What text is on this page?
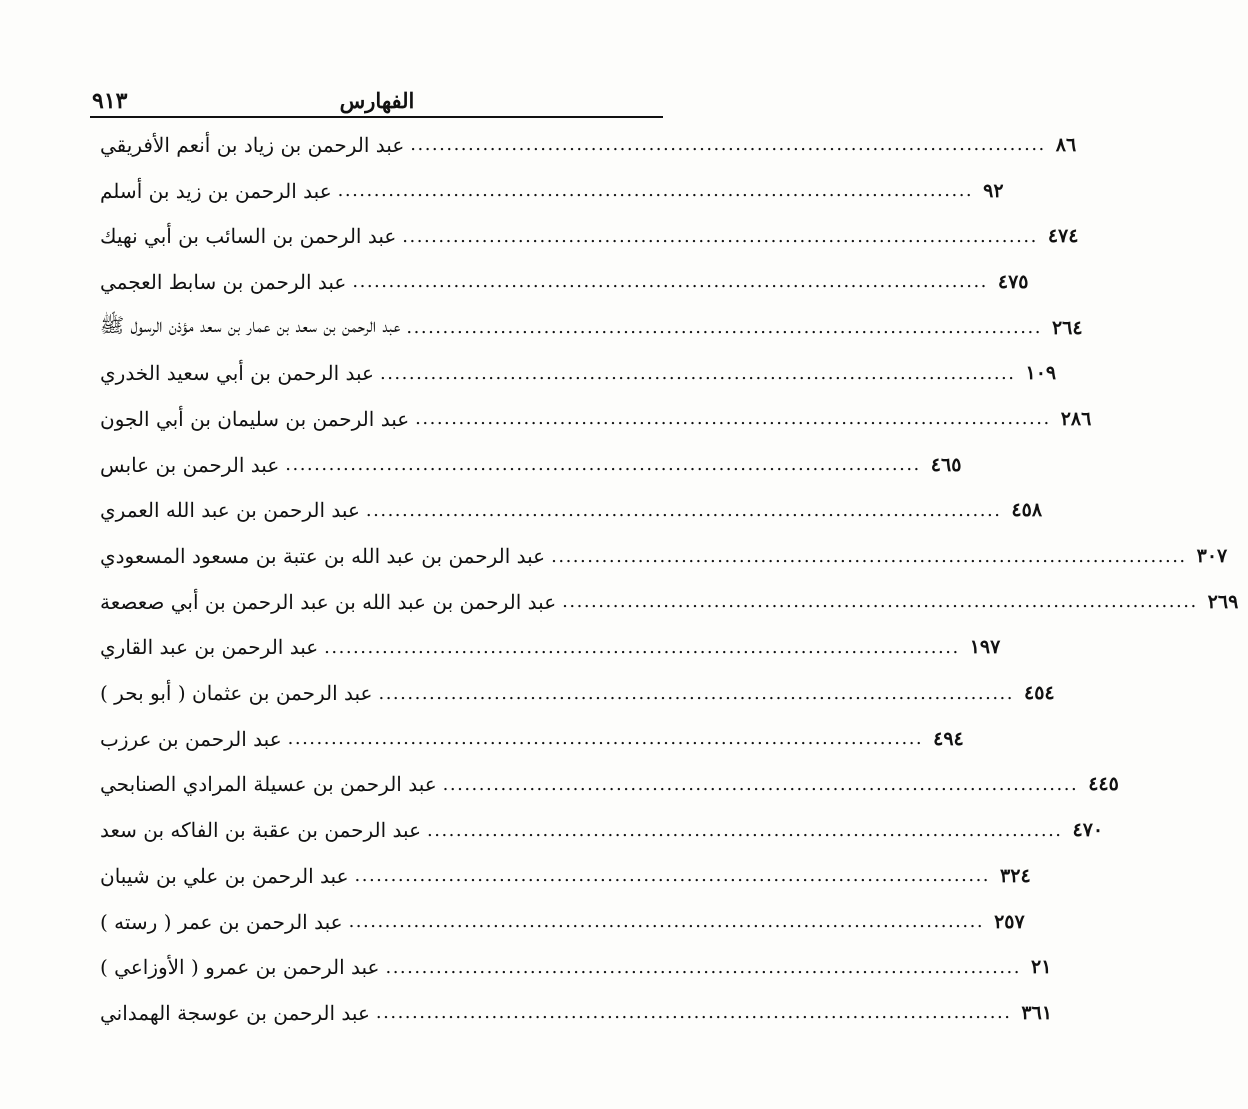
الفهارس
٩١٣
عبد الرحمن بن زياد بن أنعم الأفريقي ........................................................................................ ٨٦
عبد الرحمن بن زيد بن أسلم ........................................................................................ ٩٢
عبد الرحمن بن السائب بن أبي نهيك ........................................................................................ ٤٧٤
عبد الرحمن بن سابط العجمي ........................................................................................ ٤٧٥
عبد الرحمن بن سعد بن عمار بن سعد مؤذن الرسول ﷺ ........................................................................................ ٢٦٤
عبد الرحمن بن أبي سعيد الخدري ........................................................................................ ١٠٩
عبد الرحمن بن سليمان بن أبي الجون ........................................................................................ ٢٨٦
عبد الرحمن بن عابس ........................................................................................ ٤٦٥
عبد الرحمن بن عبد الله العمري ........................................................................................ ٤٥٨
عبد الرحمن بن عبد الله بن عتبة بن مسعود المسعودي ........................................................................................ ٣٠٧
عبد الرحمن بن عبد الله بن عبد الرحمن بن أبي صعصعة ........................................................................................ ٢٦٩
عبد الرحمن بن عبد القاري ........................................................................................ ١٩٧
عبد الرحمن بن عثمان ( أبو بحر ) ........................................................................................ ٤٥٤
عبد الرحمن بن عرزب ........................................................................................ ٤٩٤
عبد الرحمن بن عسيلة المرادي الصنابحي ........................................................................................ ٤٤٥
عبد الرحمن بن عقبة بن الفاكه بن سعد ........................................................................................ ٤٧٠
عبد الرحمن بن علي بن شيبان ........................................................................................ ٣٢٤
عبد الرحمن بن عمر ( رسته ) ........................................................................................ ٢٥٧
عبد الرحمن بن عمرو ( الأوزاعي ) ........................................................................................ ٢١
عبد الرحمن بن عوسجة الهمداني ........................................................................................ ٣٦١
